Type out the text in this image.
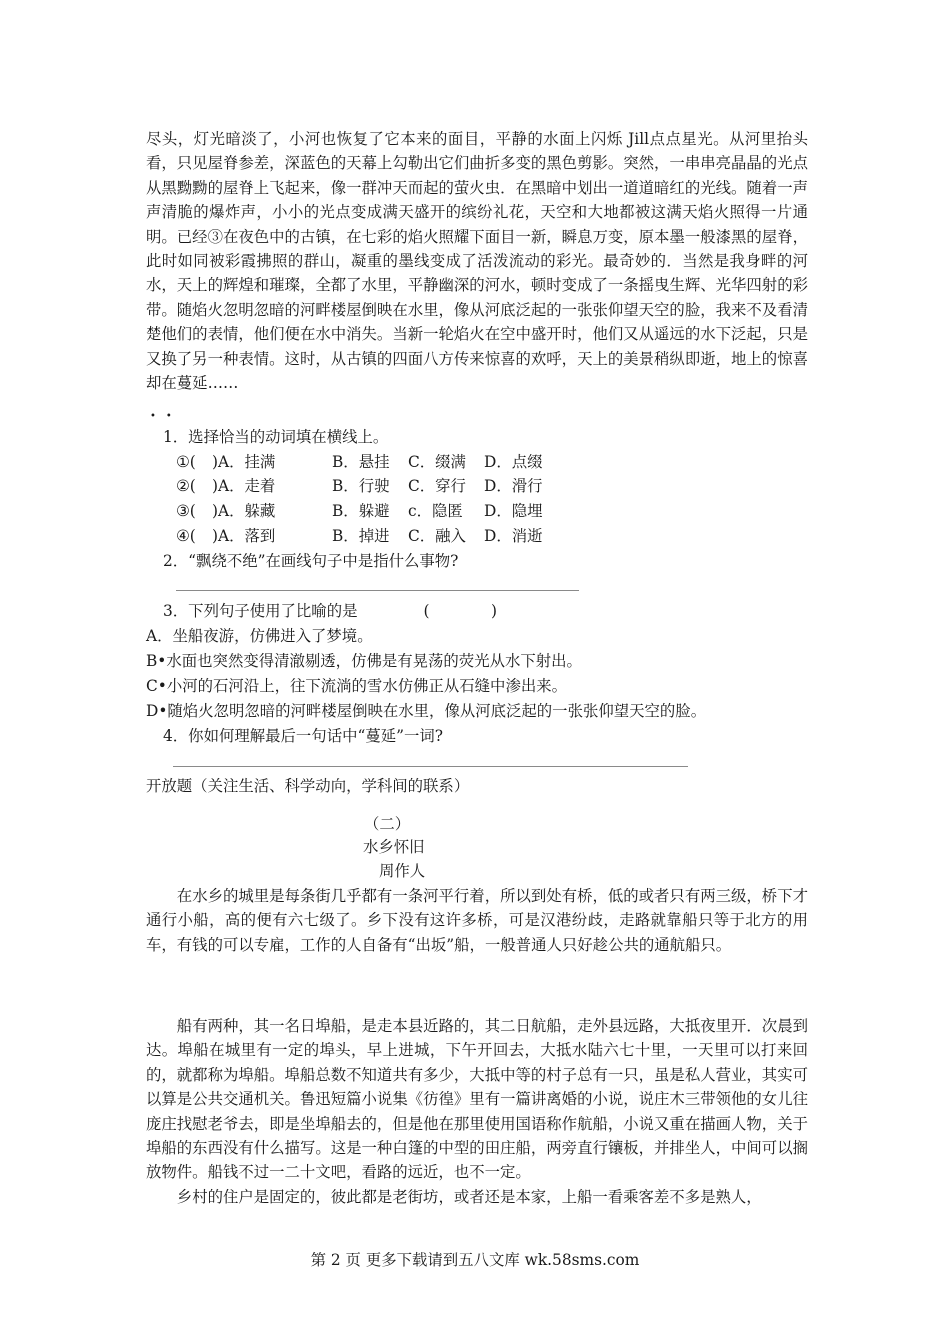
尽头，灯光暗淡了，小河也恢复了它本来的面目，平静的水面上闪烁 Jill点点星光。从河里抬头看，只见屋脊参差，深蓝色的天幕上勾勒出它们曲折多变的黑色剪影。突然，一串串亮晶晶的光点从黑黝黝的屋脊上飞起来，像一群冲天而起的萤火虫．在黑暗中划出一道道暗红的光线。随着一声声清脆的爆炸声，小小的光点变成满天盛开的缤纷礼花，天空和大地都被这满天焰火照得一片通明。已经③在夜色中的古镇，在七彩的焰火照耀下面目一新，瞬息万变，原本墨一般漆黑的屋脊，此时如同被彩霞拂照的群山，凝重的墨线变成了活泼流动的彩光。最奇妙的．当然是我身畔的河水，天上的辉煌和璀璨，全都了水里，平静幽深的河水，顿时变成了一条摇曳生辉、光华四射的彩带。随焰火忽明忽暗的河畔楼屋倒映在水里，像从河底泛起的一张张仰望天空的脸，我来不及看清楚他们的表情，他们便在水中消失。当新一轮焰火在空中盛开时，他们又从遥远的水下泛起，只是又换了另一种表情。这时，从古镇的四面八方传来惊喜的欢呼，天上的美景稍纵即逝，地上的惊喜却在蔓延……

••
1．选择恰当的动词填在横线上。
①( )A．挂满	B．悬挂 C．缀满 D．点缀
②( )A．走着	B．行驶 C．穿行 D．滑行
③( )A．躲藏	B．躲避 c．隐匿 D．隐埋
④( )A．落到	B．掉进 C．融入 D．消逝
2．“飘绕不绝”在画线句子中是指什么事物?
3．下列句子使用了比喻的是	(　　　　)
A．坐船夜游，仿佛进入了梦境。
B•水面也突然变得清澈剔透，仿佛是有晃荡的荧光从水下射出。
C•小河的石河沿上，往下流淌的雪水仿佛正从石缝中渗出来。
D•随焰火忽明忽暗的河畔楼屋倒映在水里，像从河底泛起的一张张仰望天空的脸。
4．你如何理解最后一句话中“蔓延”一词?
开放题（关注生活、科学动向，学科间的联系）
（二）
水乡怀旧
周作人

在水乡的城里是每条街几乎都有一条河平行着，所以到处有桥，低的或者只有两三级，桥下才通行小船，高的便有六七级了。乡下没有这许多桥，可是汉港纷歧，走路就靠船只等于北方的用车，有钱的可以专雇，工作的人自备有“出坂”船，一般普通人只好趁公共的通航船只。

船有两种，其一名日埠船，是走本县近路的，其二日航船，走外县远路，大抵夜里开．次晨到达。埠船在城里有一定的埠头，早上进城，下午开回去，大抵水陆六七十里，一天里可以打来回的，就都称为埠船。埠船总数不知道共有多少，大抵中等的村子总有一只，虽是私人营业，其实可以算是公共交通机关。鲁迅短篇小说集《彷徨》里有一篇讲离婚的小说，说庄木三带领他的女儿往庞庄找慰老爷去，即是坐埠船去的，但是他在那里使用国语称作航船，小说又重在描画人物，关于埠船的东西没有什么描写。这是一种白篷的中型的田庄船，两旁直行镶板，并排坐人，中间可以搁放物件。船钱不过一二十文吧，看路的远近，也不一定。

乡村的住户是固定的，彼此都是老街坊，或者还是本家，上船一看乘客差不多是熟人，

第 2 页 更多下载请到五八文库 wk.58sms.com
